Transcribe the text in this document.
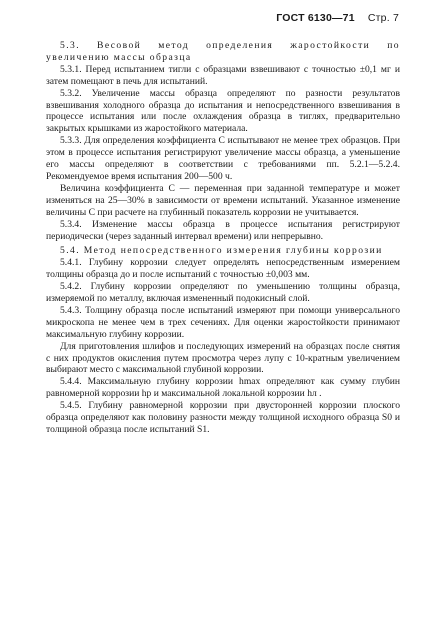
ГОСТ 6130—71 Стр. 7

5.3. Весовой метод определения жаростойкости по увеличению массы образца

5.3.1. Перед испытанием тигли с образцами взвешивают с точностью ±0,1 мг и затем помещают в печь для испытаний.

5.3.2. Увеличение массы образца определяют по разности результатов взвешивания холодного образца до испытания и непосредственного взвешивания в процессе испытания или после охлаждения образца в тиглях, предварительно закрытых крышками из жаростойкого материала.

5.3.3. Для определения коэффициента C испытывают не менее трех образцов. При этом в процессе испытания регистрируют увеличение массы образца, а уменьшение его массы определяют в соответствии с требованиями пп. 5.2.1—5.2.4. Рекомендуемое время испытания 200—500 ч.

Величина коэффициента C — переменная при заданной температуре и может изменяться на 25—30% в зависимости от времени испытаний. Указанное изменение величины C при расчете на глубинный показатель коррозии не учитывается.

5.3.4. Изменение массы образца в процессе испытания регистрируют периодически (через заданный интервал времени) или непрерывно.

5.4. Метод непосредственного измерения глубины коррозии

5.4.1. Глубину коррозии следует определять непосредственным измерением толщины образца до и после испытаний с точностью ±0,003 мм.

5.4.2. Глубину коррозии определяют по уменьшению толщины образца, измеряемой по металлу, включая измененный подокисный слой.

5.4.3. Толщину образца после испытаний измеряют при помощи универсального микроскопа не менее чем в трех сечениях. Для оценки жаростойкости принимают максимальную глубину коррозии.

Для приготовления шлифов и последующих измерений на образцах после снятия с них продуктов окисления путем просмотра через лупу с 10-кратным увеличением выбирают место с максимальной глубиной коррозии.

5.4.4. Максимальную глубину коррозии hmax определяют как сумму глубин равномерной коррозии hр и максимальной локальной коррозии hл .

5.4.5. Глубину равномерной коррозии при двусторонней коррозии плоского образца определяют как половину разности между толщиной исходного образца S0 и толщиной образца после испытаний S1.
